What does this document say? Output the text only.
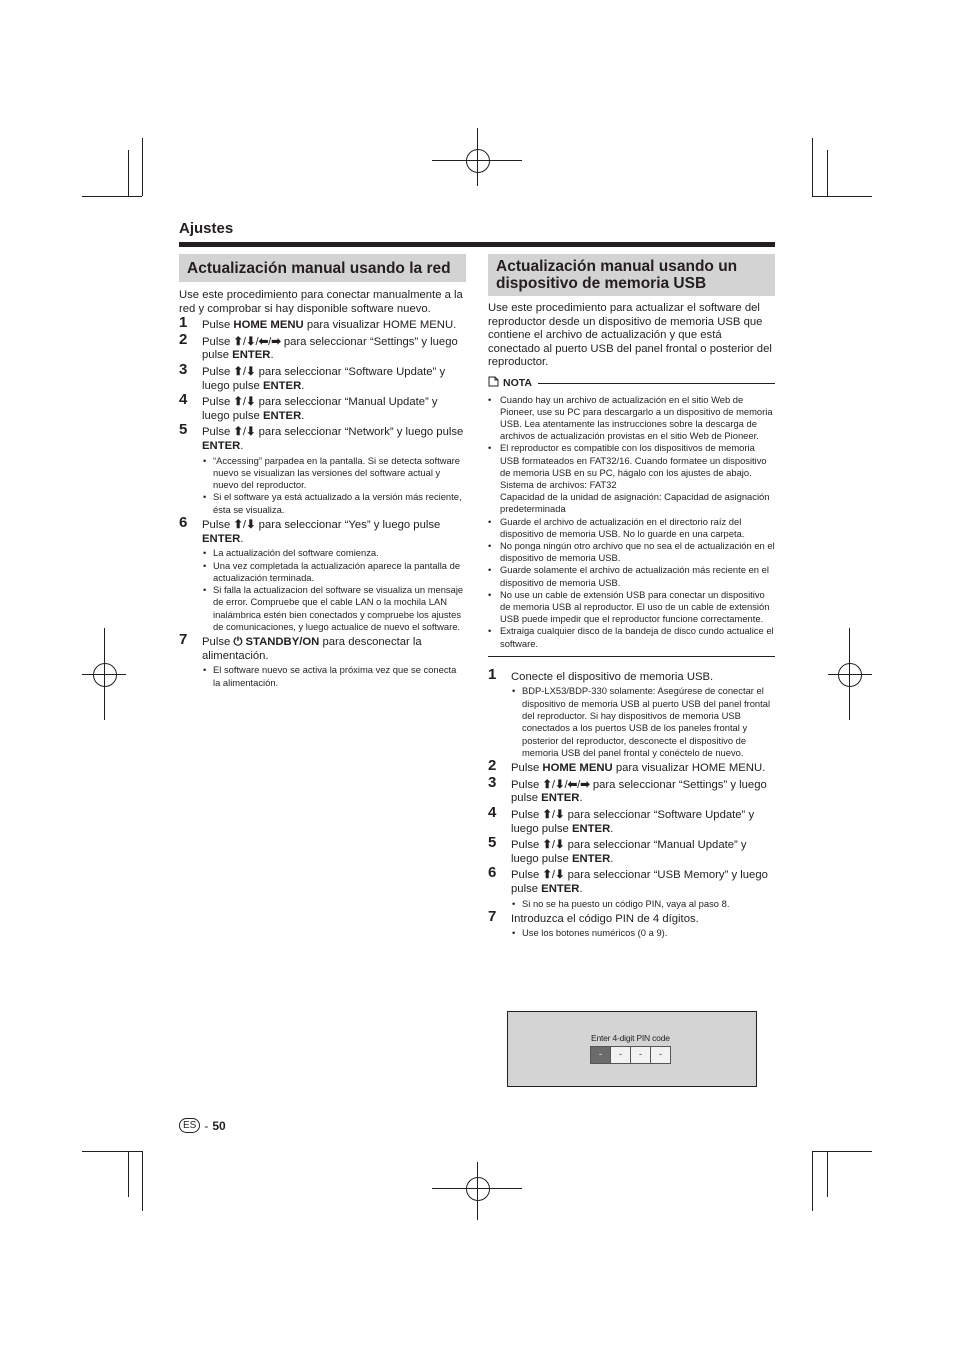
Ajustes
Actualización manual usando la red

Use este procedimiento para conectar manualmente a la red y comprobar si hay disponible software nuevo.

1 Pulse HOME MENU para visualizar HOME MENU.
2 Pulse ⬆/⬇/⬅/➡ para seleccionar “Settings” y luego pulse ENTER.
3 Pulse ⬆/⬇ para seleccionar “Software Update” y luego pulse ENTER.
4 Pulse ⬆/⬇ para seleccionar “Manual Update” y luego pulse ENTER.
5 Pulse ⬆/⬇ para seleccionar “Network” y luego pulse ENTER.
• “Accessing” parpadea en la pantalla. Si se detecta software nuevo se visualizan las versiones del software actual y nuevo del reproductor.
• Si el software ya está actualizado a la versión más reciente, ésta se visualiza.
6 Pulse ⬆/⬇ para seleccionar “Yes” y luego pulse ENTER.
• La actualización del software comienza.
• Una vez completada la actualización aparece la pantalla de actualización terminada.
• Si falla la actualizacion del software se visualiza un mensaje de error. Compruebe que el cable LAN o la mochila LAN inalámbrica estén bien conectados y compruebe los ajustes de comunicaciones, y luego actualice de nuevo el software.
7 Pulse ⏻ STANDBY/ON para desconectar la alimentación.
• El software nuevo se activa la próxima vez que se conecta la alimentación.
Actualización manual usando un dispositivo de memoria USB

Use este procedimiento para actualizar el software del reproductor desde un dispositivo de memoria USB que contiene el archivo de actualización y que está conectado al puerto USB del panel frontal o posterior del reproductor.

NOTA
• Cuando hay un archivo de actualización en el sitio Web de Pioneer, use su PC para descargarlo a un dispositivo de memoria USB. Lea atentamente las instrucciones sobre la descarga de archivos de actualización provistas en el sitio Web de Pioneer.
• El reproductor es compatible con los dispositivos de memoria USB formateados en FAT32/16. Cuando formatee un dispositivo de memoria USB en su PC, hágalo con los ajustes de abajo.
Sistema de archivos: FAT32
Capacidad de la unidad de asignación: Capacidad de asignación predeterminada
• Guarde el archivo de actualización en el directorio raíz del dispositivo de memoria USB. No lo guarde en una carpeta.
• No ponga ningún otro archivo que no sea el de actualización en el dispositivo de memoria USB.
• Guarde solamente el archivo de actualización más reciente en el dispositivo de memoria USB.
• No use un cable de extensión USB para conectar un dispositivo de memoria USB al reproductor. El uso de un cable de extensión USB puede impedir que el reproductor funcione correctamente.
• Extraiga cualquier disco de la bandeja de disco cundo actualice el software.
1 Conecte el dispositivo de memoria USB.
• BDP-LX53/BDP-330 solamente: Asegúrese de conectar el dispositivo de memoria USB al puerto USB del panel frontal del reproductor. Si hay dispositivos de memoria USB conectados a los puertos USB de los paneles frontal y posterior del reproductor, desconecte el dispositivo de memoria USB del panel frontal y conéctelo de nuevo.
2 Pulse HOME MENU para visualizar HOME MENU.
3 Pulse ⬆/⬇/⬅/➡ para seleccionar “Settings” y luego pulse ENTER.
4 Pulse ⬆/⬇ para seleccionar “Software Update” y luego pulse ENTER.
5 Pulse ⬆/⬇ para seleccionar “Manual Update” y luego pulse ENTER.
6 Pulse ⬆/⬇ para seleccionar “USB Memory” y luego pulse ENTER.
• Si no se ha puesto un código PIN, vaya al paso 8.
7 Introduzca el código PIN de 4 dígitos.
• Use los botones numéricos (0 a 9).
Enter 4-digit PIN code
-	-	-	-
ES - 50
